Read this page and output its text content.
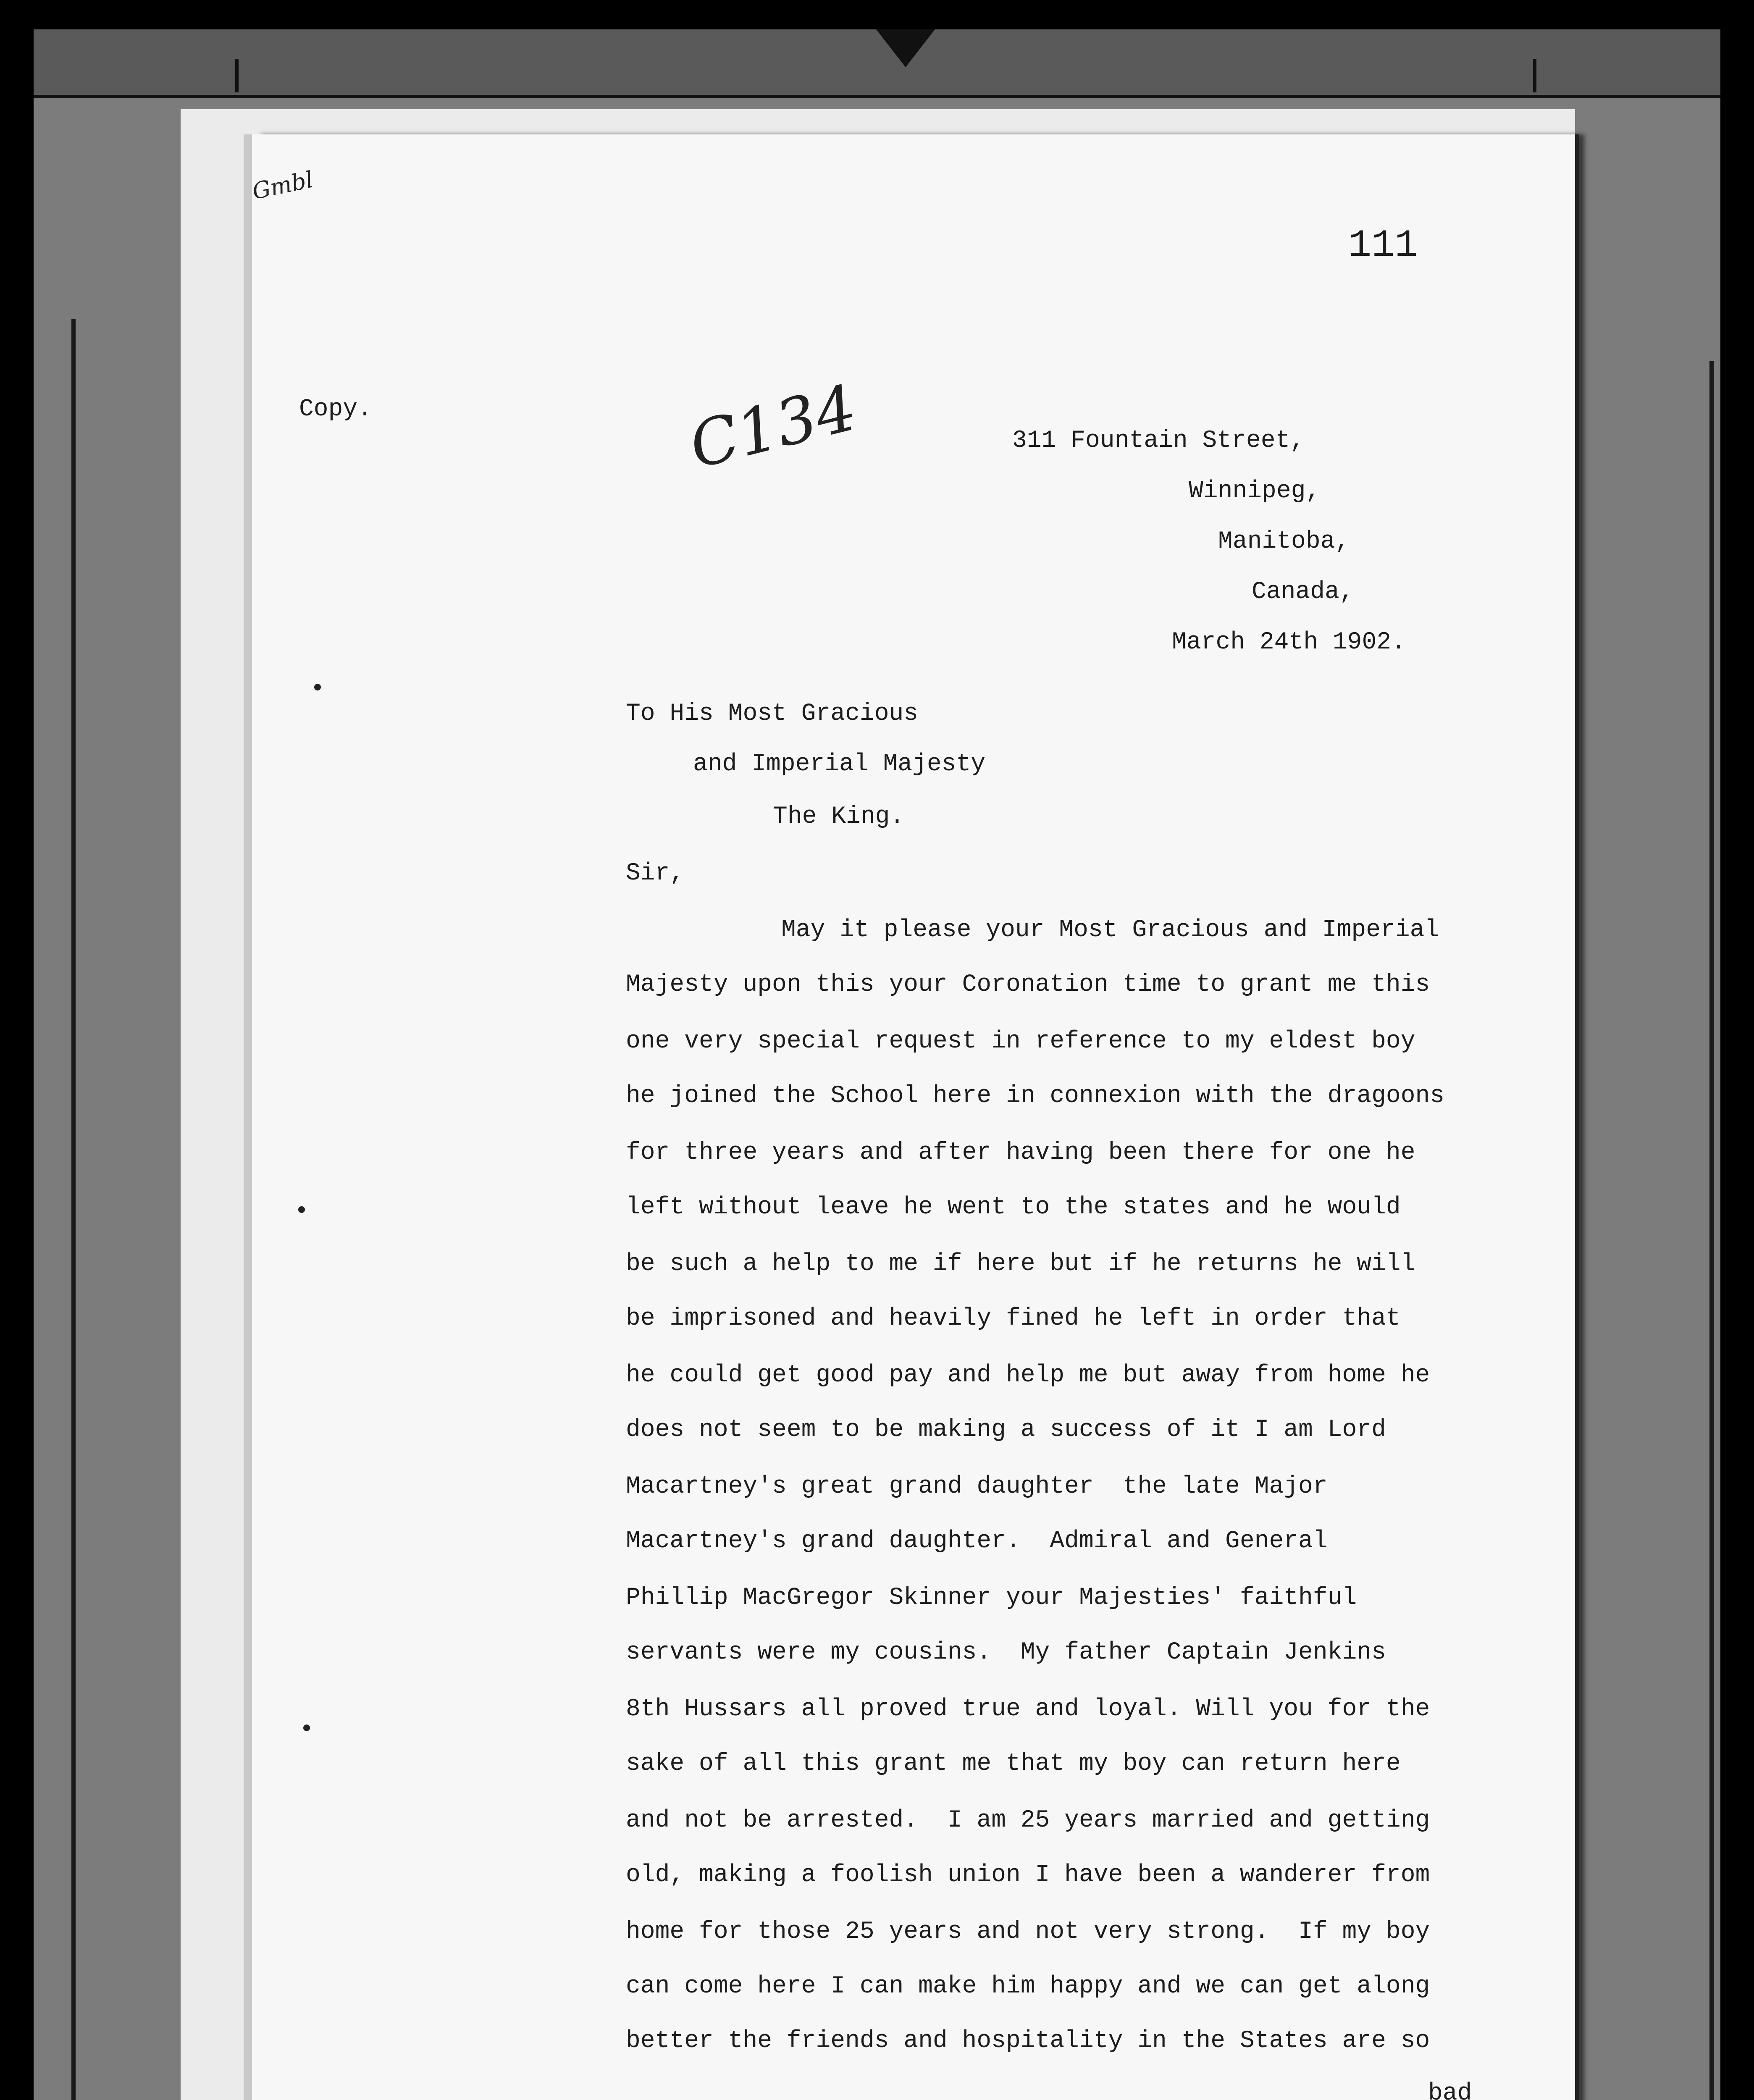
Gmbl
111
C134
Copy.
311 Fountain Street,
Winnipeg,
Manitoba,
Canada,
March 24th 1902.
To His Most Gracious
and Imperial Majesty
The King.
Sir,
May it please your Most Gracious and Imperial
Majesty upon this your Coronation time to grant me this
one very special request in reference to my eldest boy
he joined the School here in connexion with the dragoons
for three years and after having been there for one he
left without leave he went to the states and he would
be such a help to me if here but if he returns he will
be imprisoned and heavily fined he left in order that
he could get good pay and help me but away from home he
does not seem to be making a success of it I am Lord
Macartney's great grand daughter  the late Major
Macartney's grand daughter.  Admiral and General
Phillip MacGregor Skinner your Majesties' faithful
servants were my cousins.  My father Captain Jenkins
8th Hussars all proved true and loyal. Will you for the
sake of all this grant me that my boy can return here
and not be arrested.  I am 25 years married and getting
old, making a foolish union I have been a wanderer from
home for those 25 years and not very strong.  If my boy
can come here I can make him happy and we can get along
better the friends and hospitality in the States are so
bad
